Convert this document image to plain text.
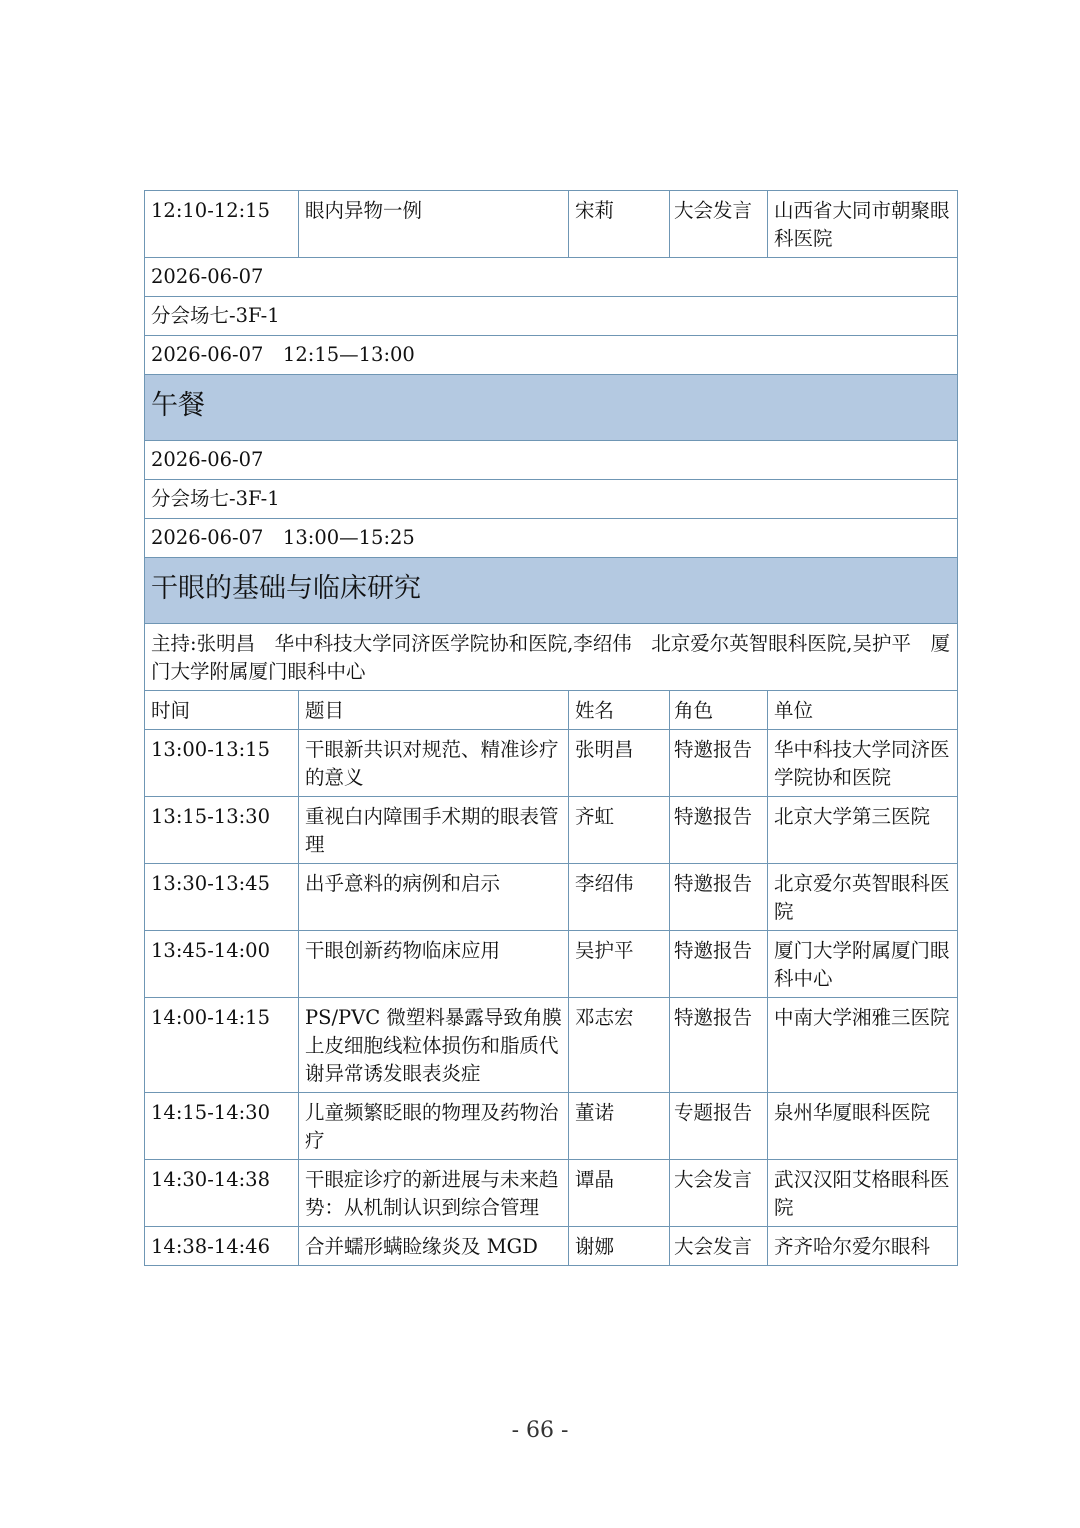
12:10-12:15	眼内异物一例	宋莉	大会发言	山西省大同市朝聚眼科医院
2026-06-07				
分会场七-3F-1				
2026-06-07　12:15—13:00				
午餐				
2026-06-07				
分会场七-3F-1				
2026-06-07　13:00—15:25				
干眼的基础与临床研究				
主持:张明昌　华中科技大学同济医学院协和医院,李绍伟　北京爱尔英智眼科医院,吴护平　厦门大学附属厦门眼科中心				
时间	题目	姓名	角色	单位
13:00-13:15	干眼新共识对规范、精准诊疗的意义	张明昌	特邀报告	华中科技大学同济医学院协和医院
13:15-13:30	重视白内障围手术期的眼表管理	齐虹	特邀报告	北京大学第三医院
13:30-13:45	出乎意料的病例和启示	李绍伟	特邀报告	北京爱尔英智眼科医院
13:45-14:00	干眼创新药物临床应用	吴护平	特邀报告	厦门大学附属厦门眼科中心
14:00-14:15	PS/PVC 微塑料暴露导致角膜上皮细胞线粒体损伤和脂质代谢异常诱发眼表炎症	邓志宏	特邀报告	中南大学湘雅三医院
14:15-14:30	儿童频繁眨眼的物理及药物治疗	董诺	专题报告	泉州华厦眼科医院
14:30-14:38	干眼症诊疗的新进展与未来趋势：从机制认识到综合管理	谭晶	大会发言	武汉汉阳艾格眼科医院
14:38-14:46	合并蠕形螨睑缘炎及 MGD	谢娜	大会发言	齐齐哈尔爱尔眼科
- 66 -
